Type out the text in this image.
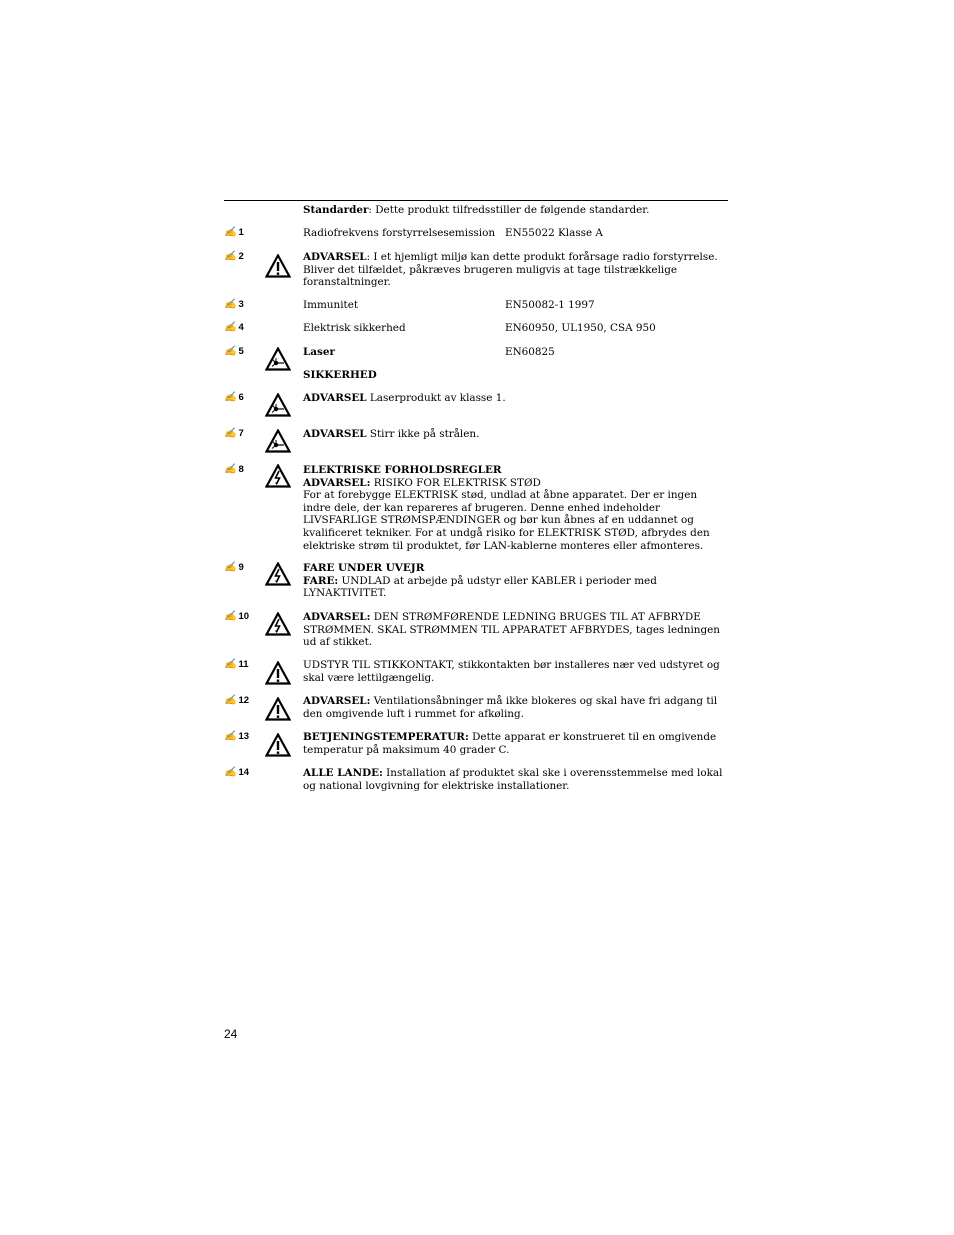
Standarder: Dette produkt tilfredsstiller de følgende standarder.
✍ 1	Radiofrekvens forstyrrelsesemission EN55022 Klasse A
✍ 2	ADVARSEL: I et hjemligt miljø kan dette produkt forårsage radio forstyrrelse. Bliver det tilfældet, påkræves brugeren muligvis at tage tilstrækkelige foranstaltninger.
✍ 3	Immunitet	EN50082-1 1997
✍ 4	Elektrisk sikkerhed	EN60950, UL1950, CSA 950
✍ 5	Laser	EN60825
SIKKERHED
✍ 6	ADVARSEL Laserprodukt av klasse 1.
✍ 7	ADVARSEL Stirr ikke på strålen.
✍ 8	ELEKTRISKE FORHOLDSREGLER
ADVARSEL: RISIKO FOR ELEKTRISK STØD
For at forebygge ELEKTRISK stød, undlad at åbne apparatet. Der er ingen indre dele, der kan repareres af brugeren. Denne enhed indeholder LIVSFARLIGE STRØMSPÆNDINGER og bør kun åbnes af en uddannet og kvalificeret tekniker. For at undgå risiko for ELEKTRISK STØD, afbrydes den elektriske strøm til produktet, før LAN-kablerne monteres eller afmonteres.
✍ 9	FARE UNDER UVEJR
FARE: UNDLAD at arbejde på udstyr eller KABLER i perioder med LYNAKTIVITET.
✍ 10	ADVARSEL: DEN STRØMFØRENDE LEDNING BRUGES TIL AT AFBRYDE STRØMMEN. SKAL STRØMMEN TIL APPARATET AFBRYDES, tages ledningen ud af stikket.
✍ 11	UDSTYR TIL STIKKONTAKT, stikkontakten bør installeres nær ved udstyret og skal være lettilgængelig.
✍ 12	ADVARSEL: Ventilationsåbninger må ikke blokeres og skal have fri adgang til den omgivende luft i rummet for afkøling.
✍ 13	BETJENINGSTEMPERATUR: Dette apparat er konstrueret til en omgivende temperatur på maksimum 40 grader C.
✍ 14	ALLE LANDE: Installation af produktet skal ske i overensstemmelse med lokal og national lovgivning for elektriske installationer.
24
